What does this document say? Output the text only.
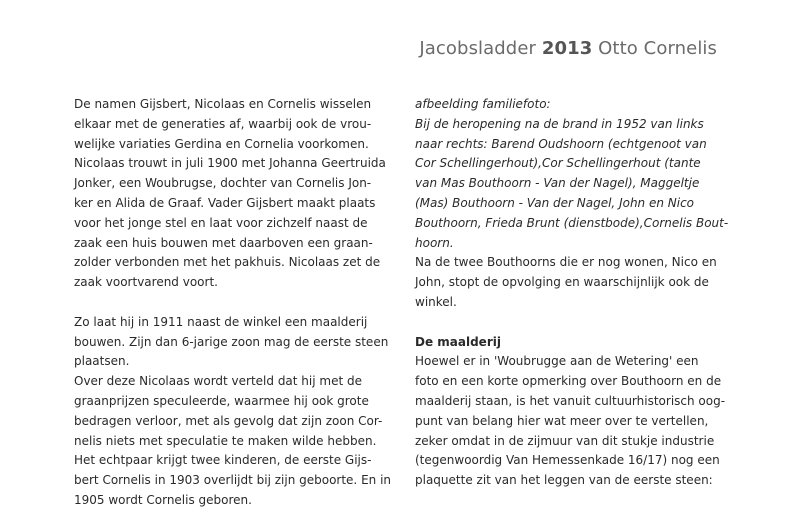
Jacobsladder 2013 Otto Cornelis
De namen Gijsbert, Nicolaas en Cornelis wisselen
elkaar met de generaties af, waarbij ook de vrou-
welijke variaties Gerdina en Cornelia voorkomen.
Nicolaas trouwt in juli 1900 met Johanna Geertruida
Jonker, een Woubrugse, dochter van Cornelis Jon-
ker en Alida de Graaf. Vader Gijsbert maakt plaats
voor het jonge stel en laat voor zichzelf naast de
zaak een huis bouwen met daarboven een graan-
zolder verbonden met het pakhuis. Nicolaas zet de
zaak voortvarend voort.
Zo laat hij in 1911 naast de winkel een maalderij
bouwen. Zijn dan 6-jarige zoon mag de eerste steen
plaatsen.
Over deze Nicolaas wordt verteld dat hij met de
graanprijzen speculeerde, waarmee hij ook grote
bedragen verloor, met als gevolg dat zijn zoon Cor-
nelis niets met speculatie te maken wilde hebben.
Het echtpaar krijgt twee kinderen, de eerste Gijs-
bert Cornelis in 1903 overlijdt bij zijn geboorte. En in
1905 wordt Cornelis geboren.
afbeelding familiefoto:
Bij de heropening na de brand in 1952 van links
naar rechts: Barend Oudshoorn (echtgenoot van
Cor Schellingerhout),Cor Schellingerhout (tante
van Mas Bouthoorn - Van der Nagel), Maggeltje
(Mas) Bouthoorn - Van der Nagel, John en Nico
Bouthoorn, Frieda Brunt (dienstbode),Cornelis Bout-
hoorn.
Na de twee Bouthoorns die er nog wonen, Nico en
John, stopt de opvolging en waarschijnlijk ook de
winkel.
De maalderij
Hoewel er in 'Woubrugge aan de Wetering' een
foto en een korte opmerking over Bouthoorn en de
maalderij staan, is het vanuit cultuurhistorisch oog-
punt van belang hier wat meer over te vertellen,
zeker omdat in de zijmuur van dit stukje industrie
(tegenwoordig Van Hemessenkade 16/17) nog een
plaquette zit van het leggen van de eerste steen:
